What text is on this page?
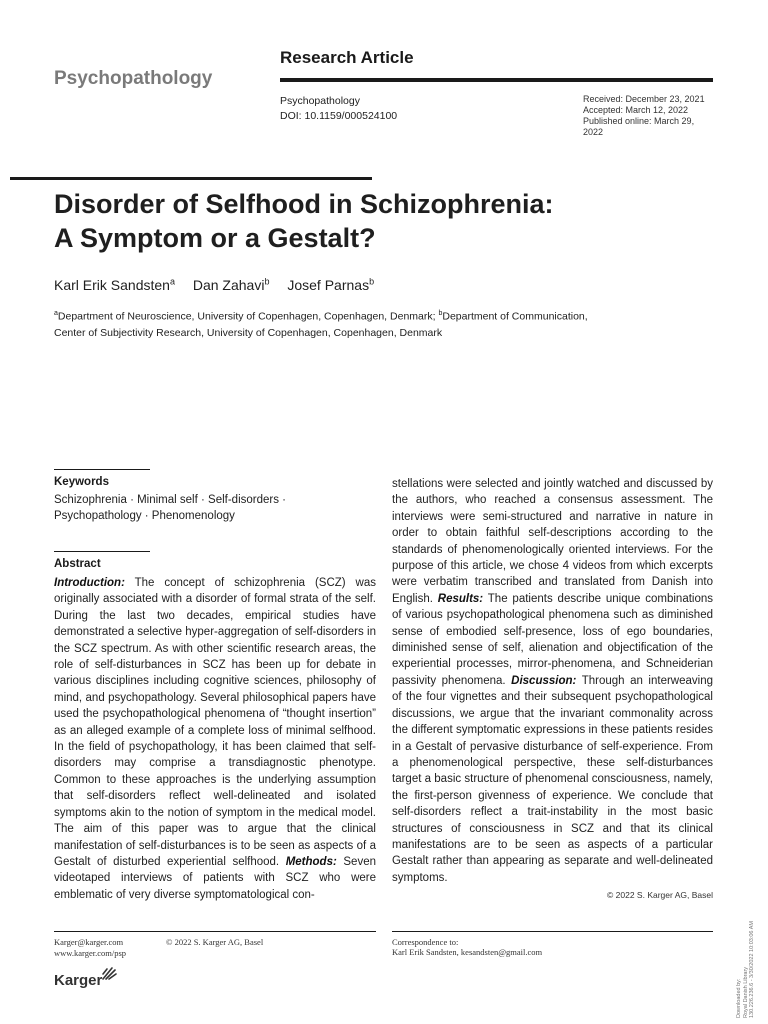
Psychopathology
Research Article
Psychopathology
DOI: 10.1159/000524100
Received: December 23, 2021
Accepted: March 12, 2022
Published online: March 29, 2022
Disorder of Selfhood in Schizophrenia:
A Symptom or a Gestalt?
Karl Erik Sandsten$^a$ Dan Zahavi$^b$ Josef Parnas$^b$
$^a$Department of Neuroscience, University of Copenhagen, Copenhagen, Denmark; $^b$Department of Communication,
Center of Subjectivity Research, University of Copenhagen, Copenhagen, Denmark
Keywords
Schizophrenia · Minimal self · Self-disorders ·
Psychopathology · Phenomenology
Abstract
Introduction: The concept of schizophrenia (SCZ) was originally associated with a disorder of formal strata of the self. During the last two decades, empirical studies have demonstrated a selective hyper-aggregation of self-disorders in the SCZ spectrum. As with other scientific research areas, the role of self-disturbances in SCZ has been up for debate in various disciplines including cognitive sciences, philosophy of mind, and psychopathology. Several philosophical papers have used the psychopathological phenomena of “thought insertion” as an alleged example of a complete loss of minimal selfhood. In the field of psychopathology, it has been claimed that self-disorders may comprise a transdiagnostic phenotype. Common to these approaches is the underlying assumption that self-disorders reflect well-delineated and isolated symptoms akin to the notion of symptom in the medical model. The aim of this paper was to argue that the clinical manifestation of self-disturbances is to be seen as aspects of a Gestalt of disturbed experiential selfhood. Methods: Seven videotaped interviews of patients with SCZ who were emblematic of very diverse symptomatological con-
stellations were selected and jointly watched and discussed by the authors, who reached a consensus assessment. The interviews were semi-structured and narrative in nature in order to obtain faithful self-descriptions according to the standards of phenomenologically oriented interviews. For the purpose of this article, we chose 4 videos from which excerpts were verbatim transcribed and translated from Danish into English. Results: The patients describe unique combinations of various psychopathological phenomena such as diminished sense of embodied self-presence, loss of ego boundaries, diminished sense of self, alienation and objectification of the experiential processes, mirror-phenomena, and Schneiderian passivity phenomena. Discussion: Through an interweaving of the four vignettes and their subsequent psychopathological discussions, we argue that the invariant commonality across the different symptomatic expressions in these patients resides in a Gestalt of pervasive disturbance of self-experience. From a phenomenological perspective, these self-disturbances target a basic structure of phenomenal consciousness, namely, the first-person givenness of experience. We conclude that self-disorders reflect a trait-instability in the most basic structures of consciousness in SCZ and that its clinical manifestations are to be seen as aspects of a particular Gestalt rather than appearing as separate and well-delineated symptoms.
© 2022 S. Karger AG, Basel
Karger@karger.com
www.karger.com/psp
© 2022 S. Karger AG, Basel	Correspondence to:
Karl Erik Sandsten, kesandsten@gmail.com
Karger	Downloaded by: Royal Danish Library 130.226.236.6 - 3/30/2022 10:03:06 AM
